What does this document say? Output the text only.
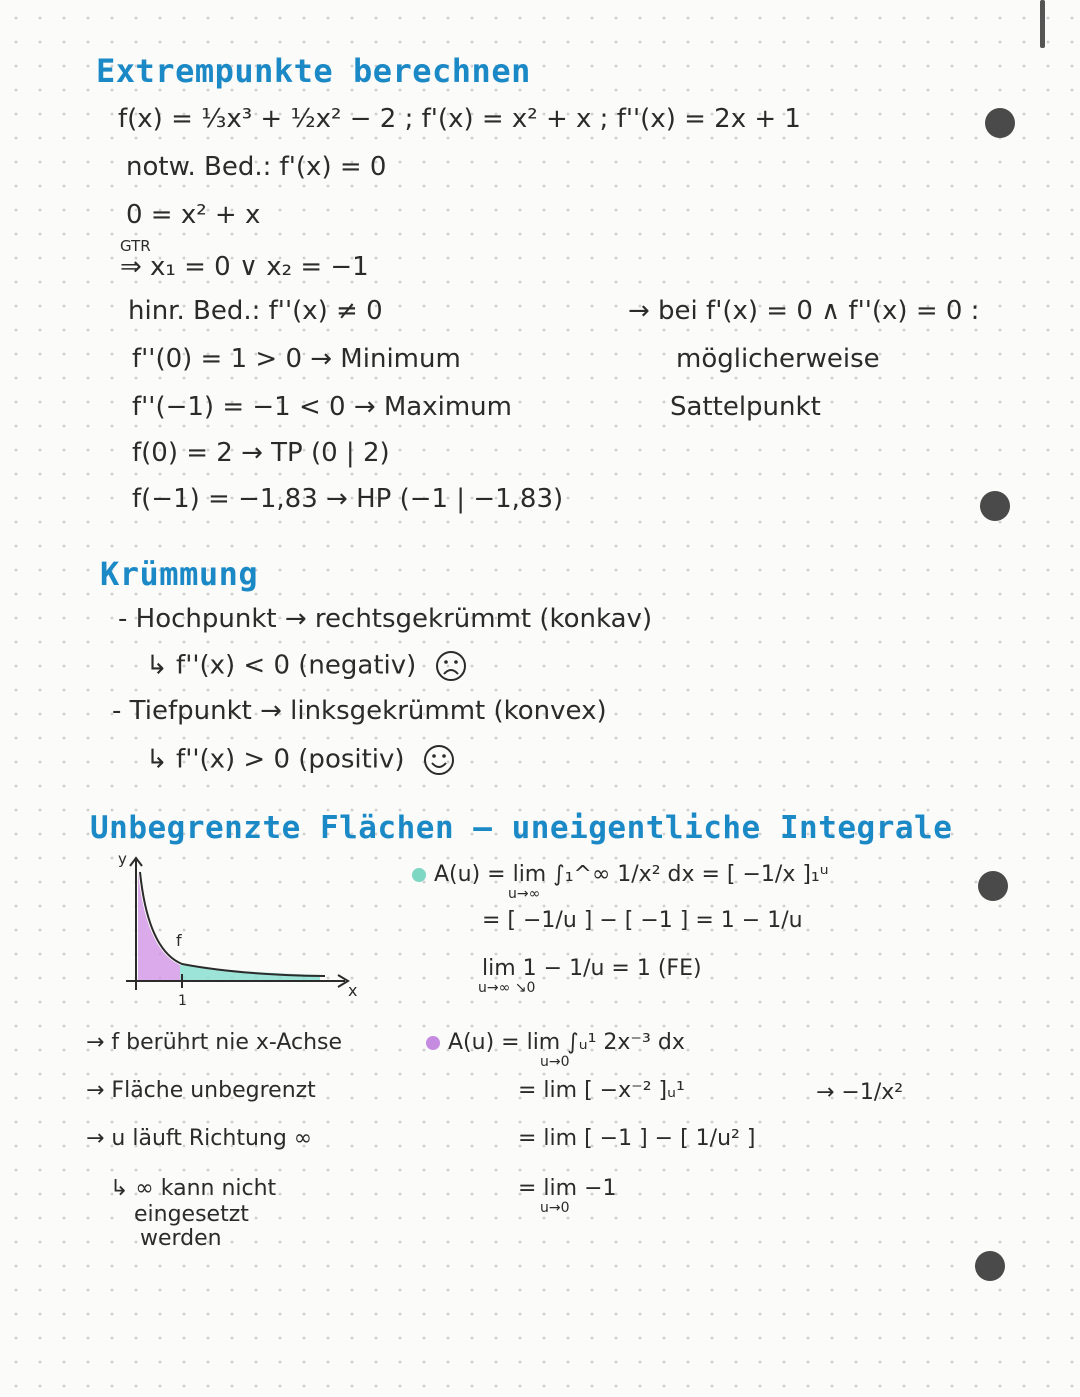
Extrempunkte berechnen
f(x) = ⅓x³ + ½x² − 2 ; f'(x) = x² + x ; f''(x) = 2x + 1
notw. Bed.: f'(x) = 0
0 = x² + x
GTR
⇒ x₁ = 0 ∨ x₂ = −1
hinr. Bed.: f''(x) ≠ 0
f''(0) = 1 > 0 → Minimum
f''(−1) = −1 < 0 → Maximum
f(0) = 2 → TP (0 | 2)
f(−1) = −1,83 → HP (−1 | −1,83)
→ bei f'(x) = 0 ∧ f''(x) = 0 :
möglicherweise
Sattelpunkt
Krümmung
- Hochpunkt → rechtsgekrümmt (konkav)
↳ f''(x) < 0 (negativ)
- Tiefpunkt → linksgekrümmt (konvex)
↳ f''(x) > 0 (positiv)
Unbegrenzte Flächen – uneigentliche Integrale
y
x
f
1
A(u) = lim ∫₁^∞ 1/x² dx = [ −1/x ]₁ᵘ
u→∞
= [ −1/u ] − [ −1 ] = 1 − 1/u
lim 1 − 1/u = 1 (FE)
u→∞ ↘0
→ f berührt nie x-Achse
→ Fläche unbegrenzt
→ u läuft Richtung ∞
↳ ∞ kann nicht
eingesetzt
werden
A(u) = lim ∫ᵤ¹ 2x⁻³ dx
u→0
= lim [ −x⁻² ]ᵤ¹
= lim [ −1 ] − [ 1/u² ]
= lim −1
u→0
→ −1/x²
